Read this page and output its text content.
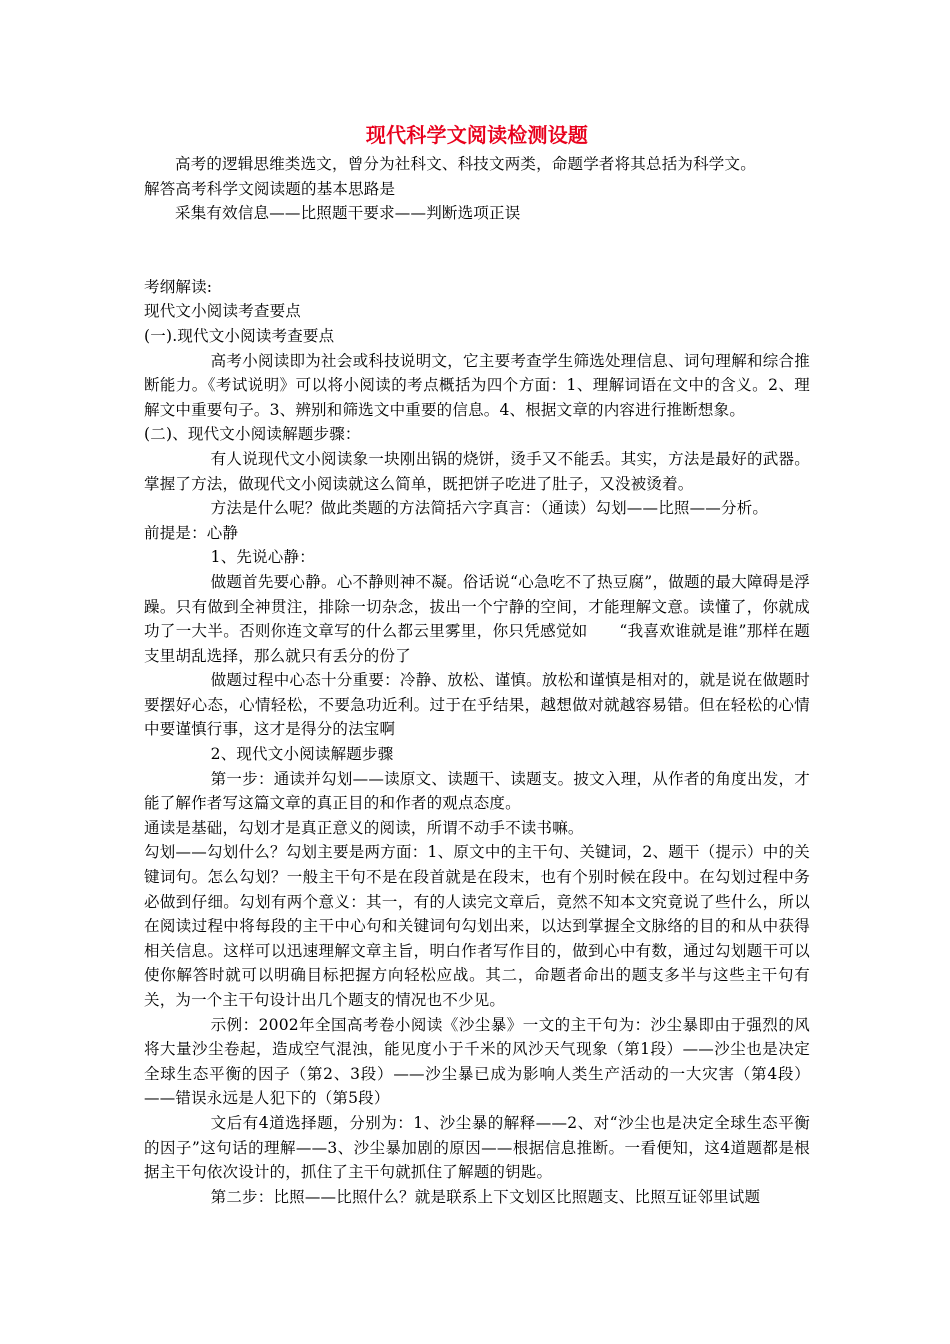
现代科学文阅读检测设题

高考的逻辑思维类选文，曾分为社科文、科技文两类，命题学者将其总括为科学文。

解答高考科学文阅读题的基本思路是

采集有效信息——比照题干要求——判断选项正误

考纲解读:

现代文小阅读考查要点

(一).现代文小阅读考查要点

高考小阅读即为社会或科技说明文，它主要考查学生筛选处理信息、词句理解和综合推断能力。《考试说明》可以将小阅读的考点概括为四个方面：1、理解词语在文中的含义。2、理解文中重要句子。3、辨别和筛选文中重要的信息。4、根据文章的内容进行推断想象。

(二)、现代文小阅读解题步骤：

有人说现代文小阅读象一块刚出锅的烧饼，烫手又不能丢。其实，方法是最好的武器。掌握了方法，做现代文小阅读就这么简单，既把饼子吃进了肚子，又没被烫着。

方法是什么呢？做此类题的方法简括六字真言：（通读）勾划——比照——分析。

前提是：心静

1、先说心静：

做题首先要心静。心不静则神不凝。俗话说“心急吃不了热豆腐”，做题的最大障碍是浮躁。只有做到全神贯注，排除一切杂念，拔出一个宁静的空间，才能理解文意。读懂了，你就成功了一大半。否则你连文章写的什么都云里雾里，你只凭感觉如　　“我喜欢谁就是谁”那样在题支里胡乱选择，那么就只有丢分的份了

做题过程中心态十分重要：冷静、放松、谨慎。放松和谨慎是相对的，就是说在做题时要摆好心态，心情轻松，不要急功近利。过于在乎结果，越想做对就越容易错。但在轻松的心情中要谨慎行事，这才是得分的法宝啊

2、现代文小阅读解题步骤

第一步：通读并勾划——读原文、读题干、读题支。披文入理，从作者的角度出发，才能了解作者写这篇文章的真正目的和作者的观点态度。

通读是基础，勾划才是真正意义的阅读，所谓不动手不读书嘛。

勾划——勾划什么？勾划主要是两方面：1、原文中的主干句、关键词，2、题干（提示）中的关键词句。怎么勾划？一般主干句不是在段首就是在段末，也有个别时候在段中。在勾划过程中务必做到仔细。勾划有两个意义：其一，有的人读完文章后，竟然不知本文究竟说了些什么，所以在阅读过程中将每段的主干中心句和关键词句勾划出来，以达到掌握全文脉络的目的和从中获得相关信息。这样可以迅速理解文章主旨，明白作者写作目的，做到心中有数，通过勾划题干可以使你解答时就可以明确目标把握方向轻松应战。其二，命题者命出的题支多半与这些主干句有关，为一个主干句设计出几个题支的情况也不少见。

示例：2002年全国高考卷小阅读《沙尘暴》一文的主干句为：沙尘暴即由于强烈的风将大量沙尘卷起，造成空气混浊，能见度小于千米的风沙天气现象（第1段）——沙尘也是决定全球生态平衡的因子（第2、3段）——沙尘暴已成为影响人类生产活动的一大灾害（第4段）——错误永远是人犯下的（第5段）

文后有4道选择题，分别为：1、沙尘暴的解释——2、对“沙尘也是决定全球生态平衡的因子”这句话的理解——3、沙尘暴加剧的原因——根据信息推断。一看便知，这4道题都是根据主干句依次设计的，抓住了主干句就抓住了解题的钥匙。

第二步：比照——比照什么？就是联系上下文划区比照题支、比照互证邻里试题
